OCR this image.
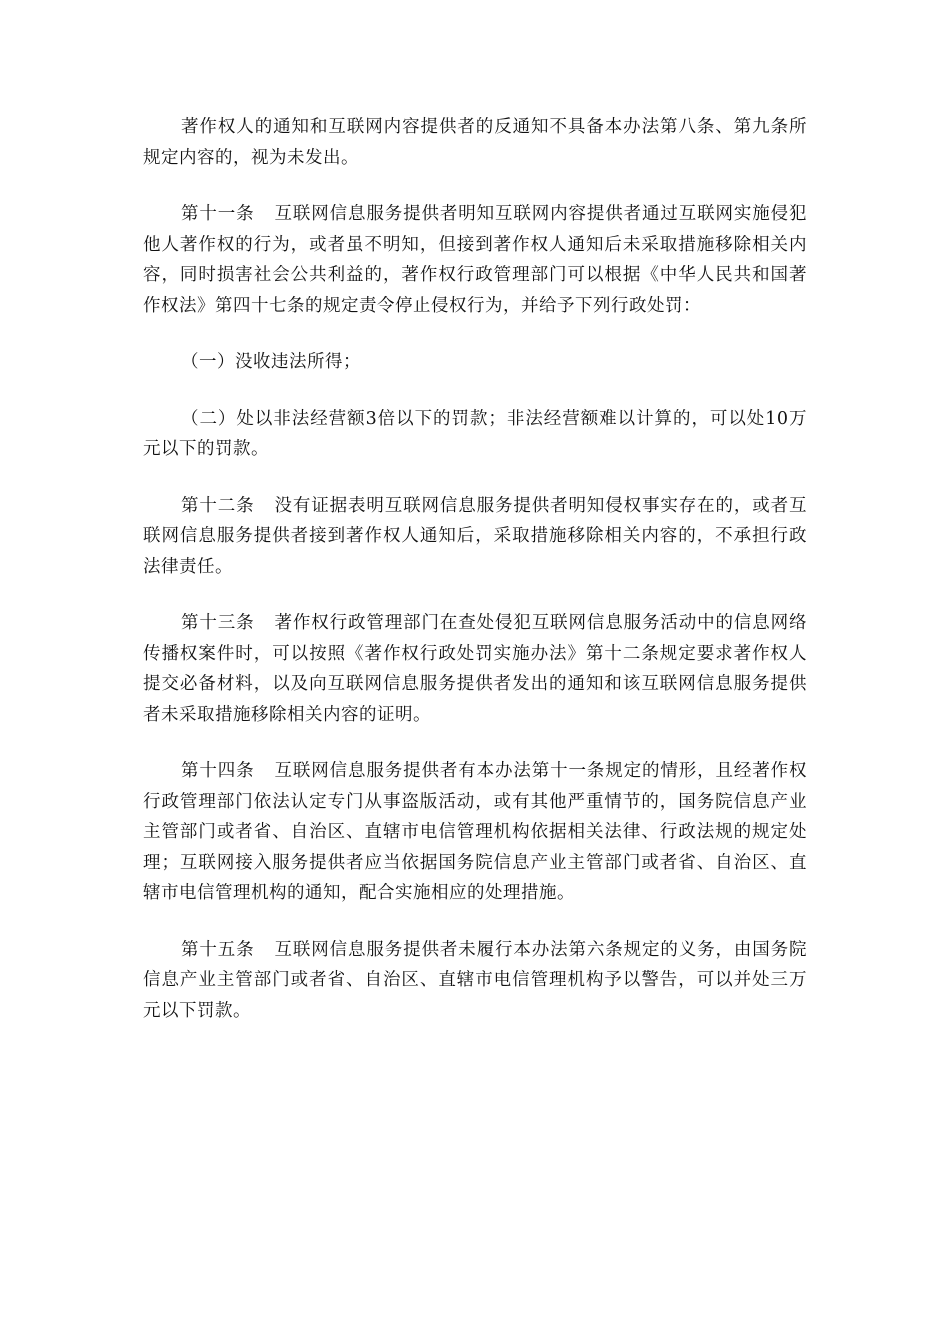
著作权人的通知和互联网内容提供者的反通知不具备本办法第八条、第九条所规定内容的，视为未发出。

第十一条 互联网信息服务提供者明知互联网内容提供者通过互联网实施侵犯他人著作权的行为，或者虽不明知，但接到著作权人通知后未采取措施移除相关内容，同时损害社会公共利益的，著作权行政管理部门可以根据《中华人民共和国著作权法》第四十七条的规定责令停止侵权行为，并给予下列行政处罚：

（一）没收违法所得；

（二）处以非法经营额3倍以下的罚款；非法经营额难以计算的，可以处10万元以下的罚款。

第十二条 没有证据表明互联网信息服务提供者明知侵权事实存在的，或者互联网信息服务提供者接到著作权人通知后，采取措施移除相关内容的，不承担行政法律责任。

第十三条 著作权行政管理部门在查处侵犯互联网信息服务活动中的信息网络传播权案件时，可以按照《著作权行政处罚实施办法》第十二条规定要求著作权人提交必备材料，以及向互联网信息服务提供者发出的通知和该互联网信息服务提供者未采取措施移除相关内容的证明。

第十四条 互联网信息服务提供者有本办法第十一条规定的情形，且经著作权行政管理部门依法认定专门从事盗版活动，或有其他严重情节的，国务院信息产业主管部门或者省、自治区、直辖市电信管理机构依据相关法律、行政法规的规定处理；互联网接入服务提供者应当依据国务院信息产业主管部门或者省、自治区、直辖市电信管理机构的通知，配合实施相应的处理措施。

第十五条 互联网信息服务提供者未履行本办法第六条规定的义务，由国务院信息产业主管部门或者省、自治区、直辖市电信管理机构予以警告，可以并处三万元以下罚款。
